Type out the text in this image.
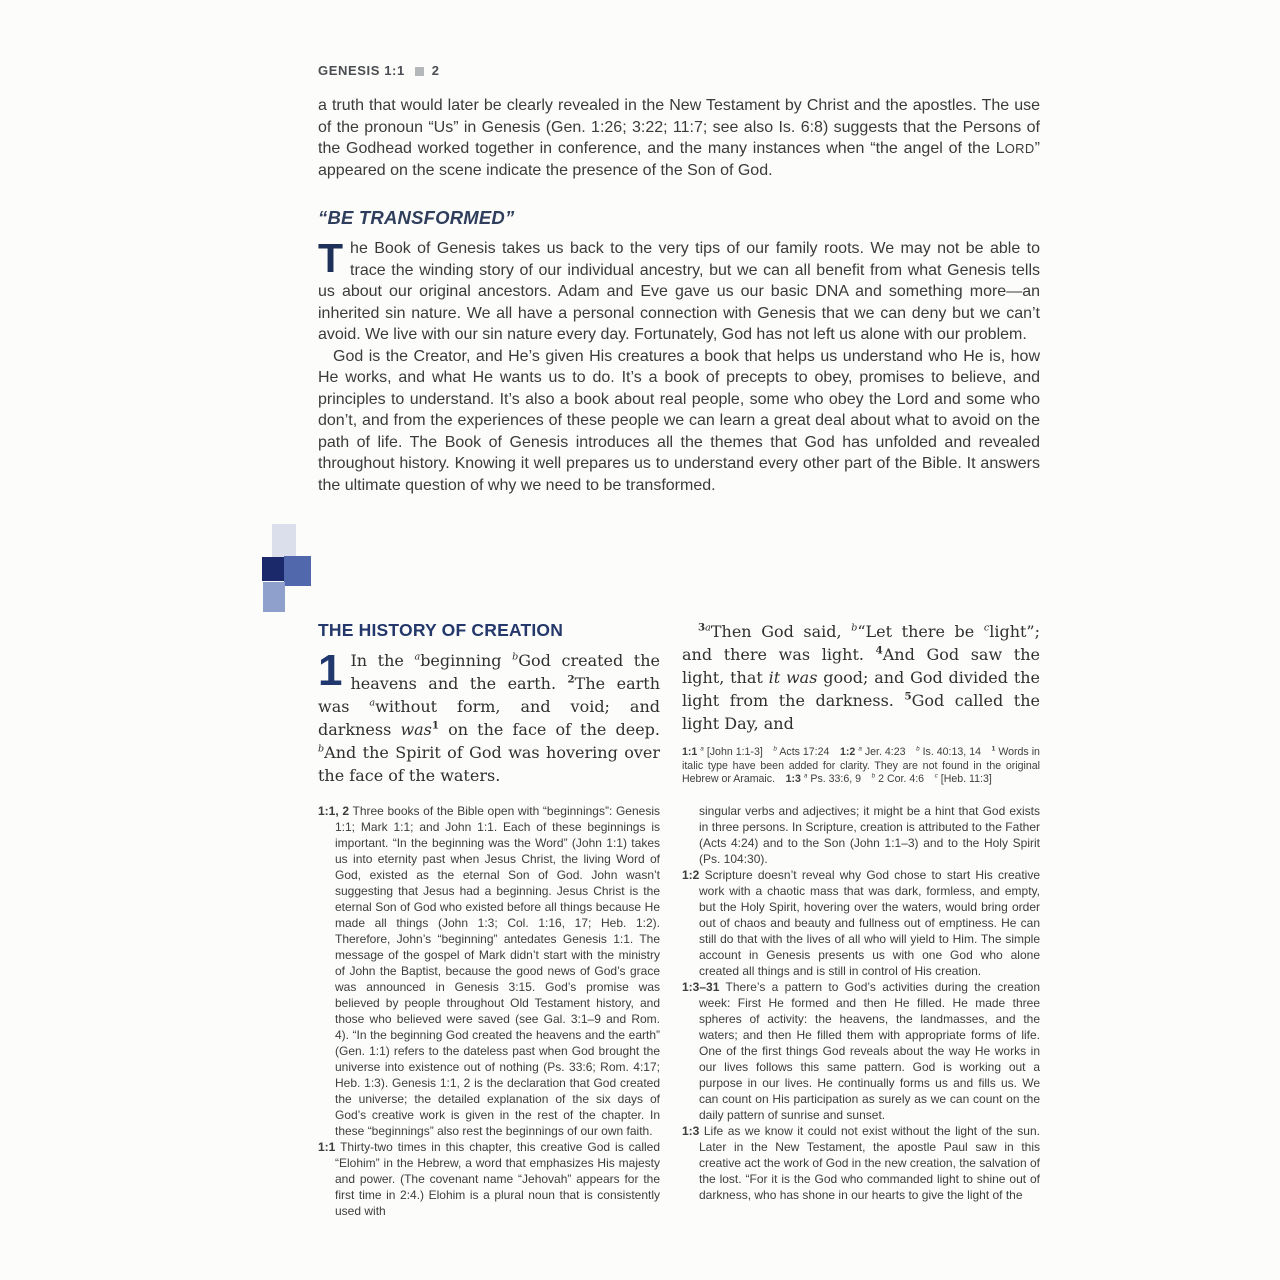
GENESIS 1:1 2

a truth that would later be clearly revealed in the New Testament by Christ and the apostles. The use of the pronoun “Us” in Genesis (Gen. 1:26; 3:22; 11:7; see also Is. 6:8) suggests that the Persons of the Godhead worked together in conference, and the many instances when “the angel of the LORD” appeared on the scene indicate the presence of the Son of God.

“BE TRANSFORMED”

The Book of Genesis takes us back to the very tips of our family roots. We may not be able to trace the winding story of our individual ancestry, but we can all benefit from what Genesis tells us about our original ancestors. Adam and Eve gave us our basic DNA and something more—an inherited sin nature. We all have a personal connection with Genesis that we can deny but we can’t avoid. We live with our sin nature every day. Fortunately, God has not left us alone with our problem.

God is the Creator, and He’s given His creatures a book that helps us understand who He is, how He works, and what He wants us to do. It’s a book of precepts to obey, promises to believe, and principles to understand. It’s also a book about real people, some who obey the Lord and some who don’t, and from the experiences of these people we can learn a great deal about what to avoid on the path of life. The Book of Genesis introduces all the themes that God has unfolded and revealed throughout history. Knowing it well prepares us to understand every other part of the Bible. It answers the ultimate question of why we need to be transformed.

THE HISTORY OF CREATION
1 In the $^a$beginning $^b$God created the heavens and the earth. $^2$The earth was $^a$without form, and void; and darkness was$^1$ on the face of the deep. $^b$And the Spirit of God was hovering over the face of the waters.
$^{3a}$Then God said, $^b$“Let there be $^c$light”; and there was light. $^4$And God saw the light, that it was good; and God divided the light from the darkness. $^5$God called the light Day, and
1:1 $^a$ [John 1:1-3] $^b$ Acts 17:24 1:2 $^a$ Jer. 4:23 $^b$ Is. 40:13, 14 $^1$ Words in italic type have been added for clarity. They are not found in the original Hebrew or Aramaic. 1:3 $^a$ Ps. 33:6, 9 $^b$ 2 Cor. 4:6 $^c$ [Heb. 11:3]

1:1, 2 Three books of the Bible open with “beginnings”: Genesis 1:1; Mark 1:1; and John 1:1. Each of these beginnings is important. “In the beginning was the Word” (John 1:1) takes us into eternity past when Jesus Christ, the living Word of God, existed as the eternal Son of God. John wasn’t suggesting that Jesus had a beginning. Jesus Christ is the eternal Son of God who existed before all things because He made all things (John 1:3; Col. 1:16, 17; Heb. 1:2). Therefore, John’s “beginning” antedates Genesis 1:1. The message of the gospel of Mark didn’t start with the ministry of John the Baptist, because the good news of God’s grace was announced in Genesis 3:15. God’s promise was believed by people throughout Old Testament history, and those who believed were saved (see Gal. 3:1–9 and Rom. 4). “In the beginning God created the heavens and the earth” (Gen. 1:1) refers to the dateless past when God brought the universe into existence out of nothing (Ps. 33:6; Rom. 4:17; Heb. 1:3). Genesis 1:1, 2 is the declaration that God created the universe; the detailed explanation of the six days of God’s creative work is given in the rest of the chapter. In these “beginnings” also rest the beginnings of our own faith.

1:1 Thirty-two times in this chapter, this creative God is called “Elohim” in the Hebrew, a word that emphasizes His majesty and power. (The covenant name “Jehovah” appears for the first time in 2:4.) Elohim is a plural noun that is consistently used with

singular verbs and adjectives; it might be a hint that God exists in three persons. In Scripture, creation is attributed to the Father (Acts 4:24) and to the Son (John 1:1–3) and to the Holy Spirit (Ps. 104:30).

1:2 Scripture doesn’t reveal why God chose to start His creative work with a chaotic mass that was dark, formless, and empty, but the Holy Spirit, hovering over the waters, would bring order out of chaos and beauty and fullness out of emptiness. He can still do that with the lives of all who will yield to Him. The simple account in Genesis presents us with one God who alone created all things and is still in control of His creation.

1:3–31 There’s a pattern to God’s activities during the creation week: First He formed and then He filled. He made three spheres of activity: the heavens, the landmasses, and the waters; and then He filled them with appropriate forms of life. One of the first things God reveals about the way He works in our lives follows this same pattern. God is working out a purpose in our lives. He continually forms us and fills us. We can count on His participation as surely as we can count on the daily pattern of sunrise and sunset.

1:3 Life as we know it could not exist without the light of the sun. Later in the New Testament, the apostle Paul saw in this creative act the work of God in the new creation, the salvation of the lost. “For it is the God who commanded light to shine out of darkness, who has shone in our hearts to give the light of the
